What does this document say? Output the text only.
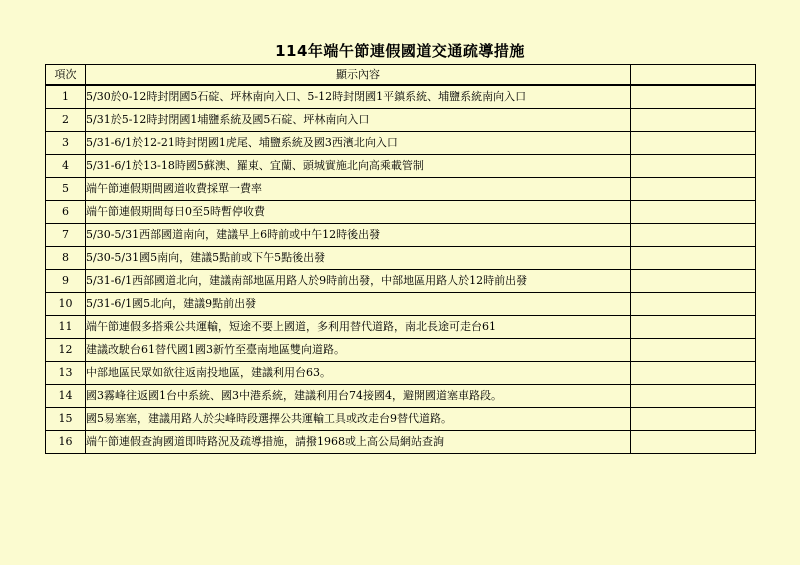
114年端午節連假國道交通疏導措施
項次	顯示內容	
1	5/30於0-12時封閉國5石碇、坪林南向入口、5-12時封閉國1平鎮系統、埔鹽系統南向入口	
2	5/31於5-12時封閉國1埔鹽系統及國5石碇、坪林南向入口	
3	5/31-6/1於12-21時封閉國1虎尾、埔鹽系統及國3西濱北向入口	
4	5/31-6/1於13-18時國5蘇澳、羅東、宜蘭、頭城實施北向高乘載管制	
5	端午節連假期間國道收費採單一費率	
6	端午節連假期間每日0至5時暫停收費	
7	5/30-5/31西部國道南向，建議早上6時前或中午12時後出發	
8	5/30-5/31國5南向，建議5點前或下午5點後出發	
9	5/31-6/1西部國道北向，建議南部地區用路人於9時前出發，中部地區用路人於12時前出發	
10	5/31-6/1國5北向，建議9點前出發	
11	端午節連假多搭乘公共運輸，短途不要上國道，多利用替代道路，南北長途可走台61	
12	建議改駛台61替代國1國3新竹至臺南地區雙向道路。	
13	中部地區民眾如欲往返南投地區，建議利用台63。	
14	國3霧峰往返國1台中系統、國3中港系統，建議利用台74接國4，避開國道塞車路段。	
15	國5易塞塞，建議用路人於尖峰時段選擇公共運輸工具或改走台9替代道路。	
16	端午節連假查詢國道即時路況及疏導措施，請撥1968或上高公局網站查詢	
